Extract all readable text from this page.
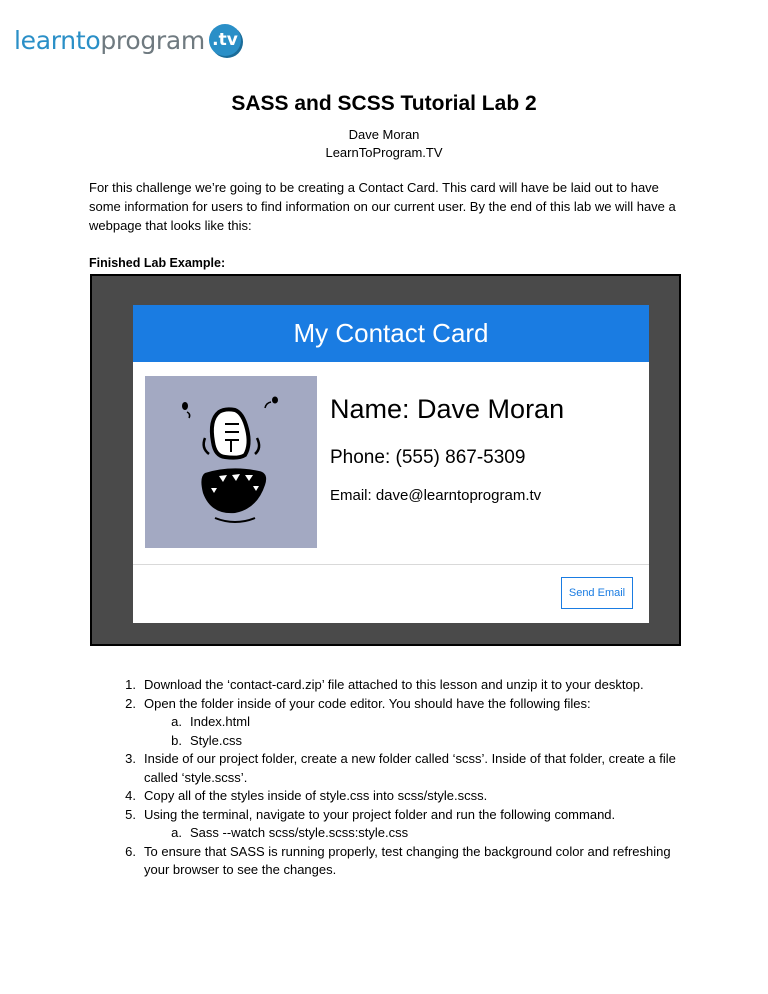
learntoprogram .tv
SASS and SCSS Tutorial Lab 2
Dave Moran
LearnToProgram.TV
For this challenge we’re going to be creating a Contact Card. This card will have be laid out to have some information for users to find information on our current user. By the end of this lab we will have a webpage that looks like this:
Finished Lab Example:
My Contact Card
Name: Dave Moran
Phone: (555) 867-5309
Email: dave@learntoprogram.tv
Send Email
1. Download the ‘contact-card.zip’ file attached to this lesson and unzip it to your desktop.
2. Open the folder inside of your code editor. You should have the following files:
a. Index.html
b. Style.css
3. Inside of our project folder, create a new folder called ‘scss’. Inside of that folder, create a file called ‘style.scss’.
4. Copy all of the styles inside of style.css into scss/style.scss.
5. Using the terminal, navigate to your project folder and run the following command.
a. Sass --watch scss/style.scss:style.css
6. To ensure that SASS is running properly, test changing the background color and refreshing your browser to see the changes.
